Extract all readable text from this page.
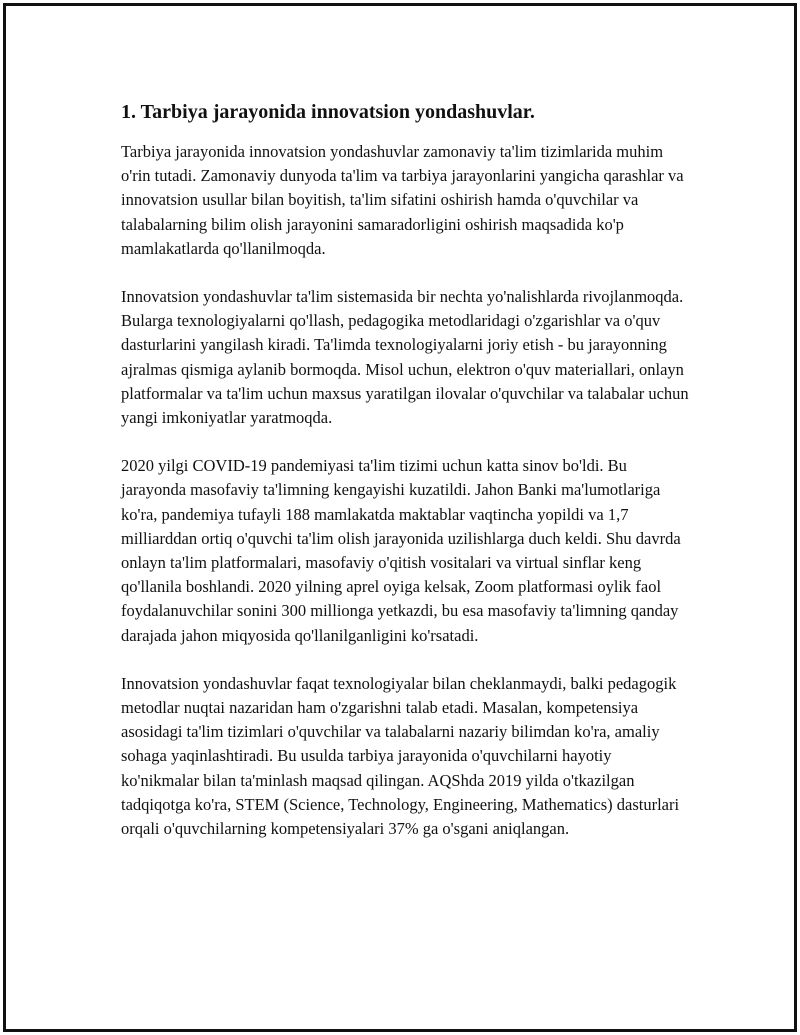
1. Tarbiya jarayonida innovatsion yondashuvlar.

Tarbiya jarayonida innovatsion yondashuvlar zamonaviy ta'lim tizimlarida muhim o'rin tutadi. Zamonaviy dunyoda ta'lim va tarbiya jarayonlarini yangicha qarashlar va innovatsion usullar bilan boyitish, ta'lim sifatini oshirish hamda o'quvchilar va talabalarning bilim olish jarayonini samaradorligini oshirish maqsadida ko'p mamlakatlarda qo'llanilmoqda.

Innovatsion yondashuvlar ta'lim sistemasida bir nechta yo'nalishlarda rivojlanmoqda. Bularga texnologiyalarni qo'llash, pedagogika metodlaridagi o'zgarishlar va o'quv dasturlarini yangilash kiradi. Ta'limda texnologiyalarni joriy etish - bu jarayonning ajralmas qismiga aylanib bormoqda. Misol uchun, elektron o'quv materiallari, onlayn platformalar va ta'lim uchun maxsus yaratilgan ilovalar o'quvchilar va talabalar uchun yangi imkoniyatlar yaratmoqda.

2020 yilgi COVID-19 pandemiyasi ta'lim tizimi uchun katta sinov bo'ldi. Bu jarayonda masofaviy ta'limning kengayishi kuzatildi. Jahon Banki ma'lumotlariga ko'ra, pandemiya tufayli 188 mamlakatda maktablar vaqtincha yopildi va 1,7 milliarddan ortiq o'quvchi ta'lim olish jarayonida uzilishlarga duch keldi. Shu davrda onlayn ta'lim platformalari, masofaviy o'qitish vositalari va virtual sinflar keng qo'llanila boshlandi. 2020 yilning aprel oyiga kelsak, Zoom platformasi oylik faol foydalanuvchilar sonini 300 millionga yetkazdi, bu esa masofaviy ta'limning qanday darajada jahon miqyosida qo'llanilganligini ko'rsatadi.

Innovatsion yondashuvlar faqat texnologiyalar bilan cheklanmaydi, balki pedagogik metodlar nuqtai nazaridan ham o'zgarishni talab etadi. Masalan, kompetensiya asosidagi ta'lim tizimlari o'quvchilar va talabalarni nazariy bilimdan ko'ra, amaliy sohaga yaqinlashtiradi. Bu usulda tarbiya jarayonida o'quvchilarni hayotiy ko'nikmalar bilan ta'minlash maqsad qilingan. AQShda 2019 yilda o'tkazilgan tadqiqotga ko'ra, STEM (Science, Technology, Engineering, Mathematics) dasturlari orqali o'quvchilarning kompetensiyalari 37% ga o'sgani aniqlangan.
